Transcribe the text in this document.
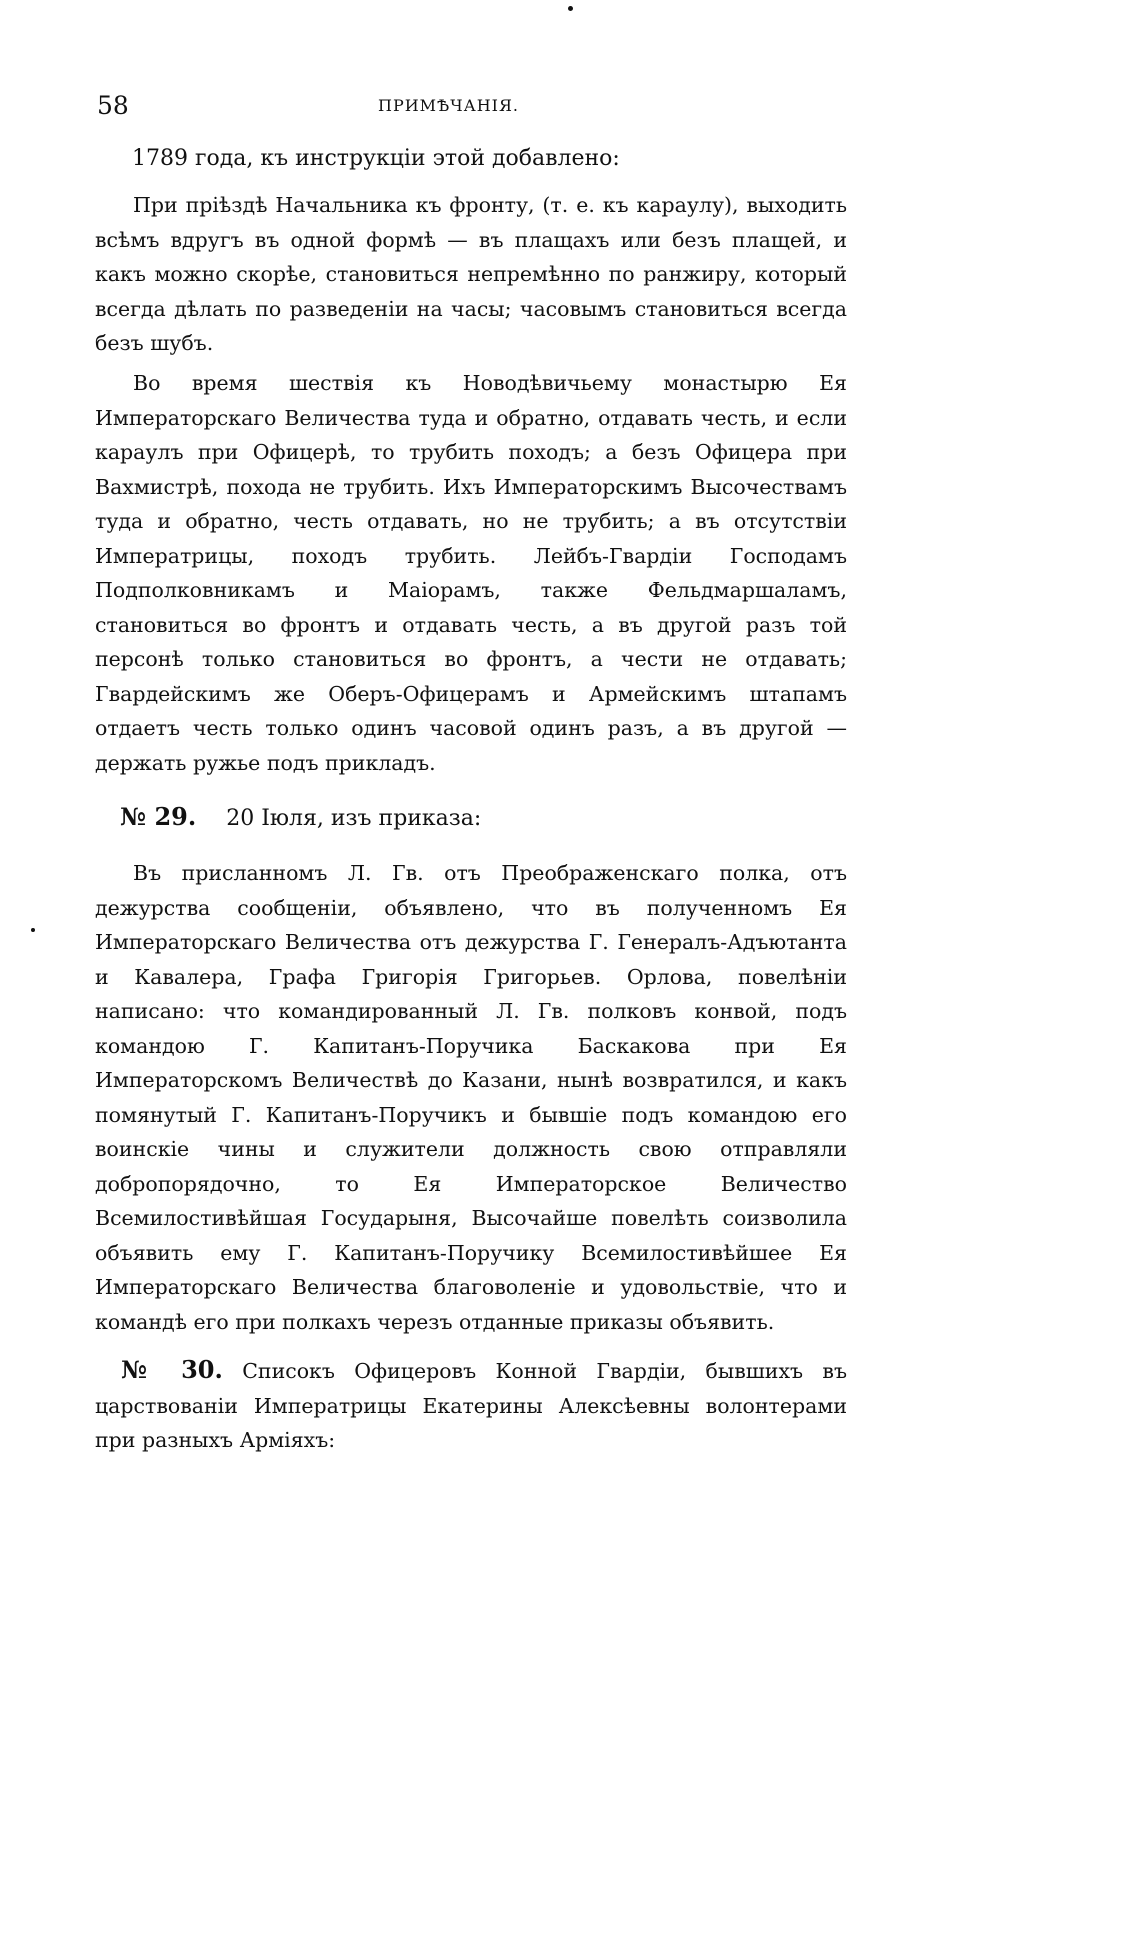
58	ПРИМѢЧАНІЯ.
1789 года, къ инструкціи этой добавлено:

При пріѣздѣ Начальника къ фронту, (т. е. къ караулу), выходить всѣмъ вдругъ въ одной формѣ — въ плащахъ или безъ плащей, и какъ можно скорѣе, становиться непремѣнно по ранжиру, который всегда дѣлать по разведеніи на часы; часовымъ становиться всегда безъ шубъ.

Во время шествія къ Новодѣвичьему монастырю Ея Императорскаго Величества туда и обратно, отдавать честь, и если караулъ при Офицерѣ, то трубить походъ; а безъ Офицера при Вахмистрѣ, похода не трубить. Ихъ Императорскимъ Высочествамъ туда и обратно, честь отдавать, но не трубить; а въ отсутствіи Императрицы, походъ трубить. Лейбъ-Гвардіи Господамъ Подполковникамъ и Маіорамъ, также Фельдмаршаламъ, становиться во фронтъ и отдавать честь, а въ другой разъ той персонѣ только становиться во фронтъ, а чести не отдавать; Гвардейскимъ же Оберъ-Офицерамъ и Армейскимъ штапамъ отдаетъ честь только одинъ часовой одинъ разъ, а въ другой — держать ружье подъ прикладъ.

№ 29. 20 Іюля, изъ приказа:

Въ присланномъ Л. Гв. отъ Преображенскаго полка, отъ дежурства сообщеніи, объявлено, что въ полученномъ Ея Императорскаго Величества отъ дежурства Г. Генералъ-Адъютанта и Кавалера, Графа Григорія Григорьев. Орлова, повелѣніи написано: что командированный Л. Гв. полковъ конвой, подъ командою Г. Капитанъ-Поручика Баскакова при Ея Императорскомъ Величествѣ до Казани, нынѣ возвратился, и какъ помянутый Г. Капитанъ-Поручикъ и бывшіе подъ командою его воинскіе чины и служители должность свою отправляли добропорядочно, то Ея Императорское Величество Всемилостивѣйшая Государыня, Высочайше повелѣть соизволила объявить ему Г. Капитанъ-Поручику Всемилостивѣйшее Ея Императорскаго Величества благоволеніе и удовольствіе, что и командѣ его при полкахъ черезъ отданные приказы объявить.

№ 30. Списокъ Офицеровъ Конной Гвардіи, бывшихъ въ царствованіи Императрицы Екатерины Алексѣевны волонтерами при разныхъ Арміяхъ:
